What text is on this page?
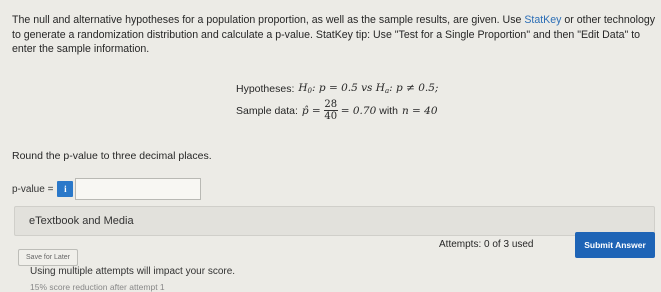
The null and alternative hypotheses for a population proportion, as well as the sample results, are given. Use StatKey or other technology to generate a randomization distribution and calculate a p-value. StatKey tip: Use "Test for a Single Proportion" and then "Edit Data" to enter the sample information.
Hypotheses: $H_0$: p = 0.5 vs $H_a$: p ≠ 0.5;
Sample data: p̂ = $\frac{28}{40} = 0.70$ with n = 40
Round the p-value to three decimal places.
p-value =	i
eTextbook and Media
Save for Later
Attempts: 0 of 3 used	Submit Answer
Using multiple attempts will impact your score.
15% score reduction after attempt 1
